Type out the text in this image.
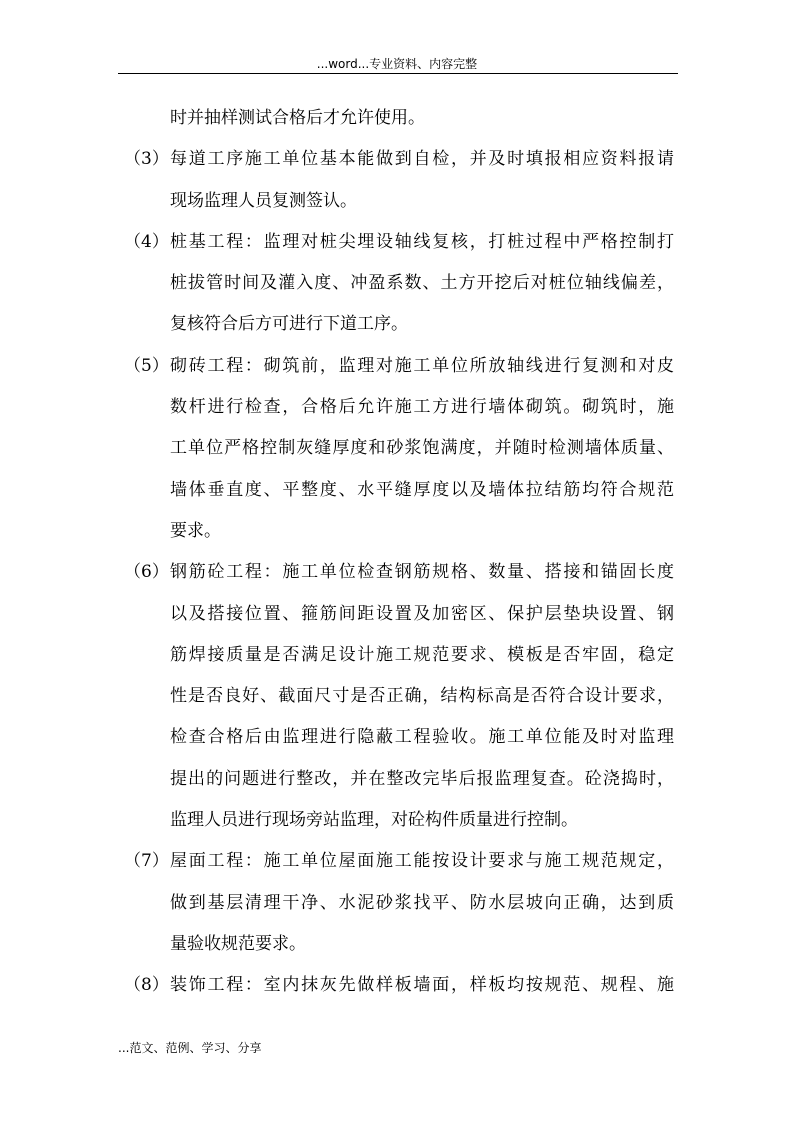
...word...专业资料、内容完整
时并抽样测试合格后才允许使用。
（3） 每道工序施工单位基本能做到自检，并及时填报相应资料报请
现场监理人员复测签认。
（4） 桩基工程：监理对桩尖埋设轴线复核，打桩过程中严格控制打
桩拔管时间及灌入度、冲盈系数、土方开挖后对桩位轴线偏差，
复核符合后方可进行下道工序。
（5） 砌砖工程：砌筑前，监理对施工单位所放轴线进行复测和对皮
数杆进行检查，合格后允许施工方进行墙体砌筑。砌筑时，施
工单位严格控制灰缝厚度和砂浆饱满度，并随时检测墙体质量、
墙体垂直度、平整度、水平缝厚度以及墙体拉结筋均符合规范
要求。
（6） 钢筋砼工程：施工单位检查钢筋规格、数量、搭接和锚固长度
以及搭接位置、箍筋间距设置及加密区、保护层垫块设置、钢
筋焊接质量是否满足设计施工规范要求、模板是否牢固，稳定
性是否良好、截面尺寸是否正确，结构标高是否符合设计要求，
检查合格后由监理进行隐蔽工程验收。施工单位能及时对监理
提出的问题进行整改，并在整改完毕后报监理复查。砼浇捣时，
监理人员进行现场旁站监理，对砼构件质量进行控制。
（7） 屋面工程：施工单位屋面施工能按设计要求与施工规范规定，
做到基层清理干净、水泥砂浆找平、防水层坡向正确，达到质
量验收规范要求。
（8） 装饰工程：室内抹灰先做样板墙面，样板均按规范、规程、施
...范文、范例、学习、分享
